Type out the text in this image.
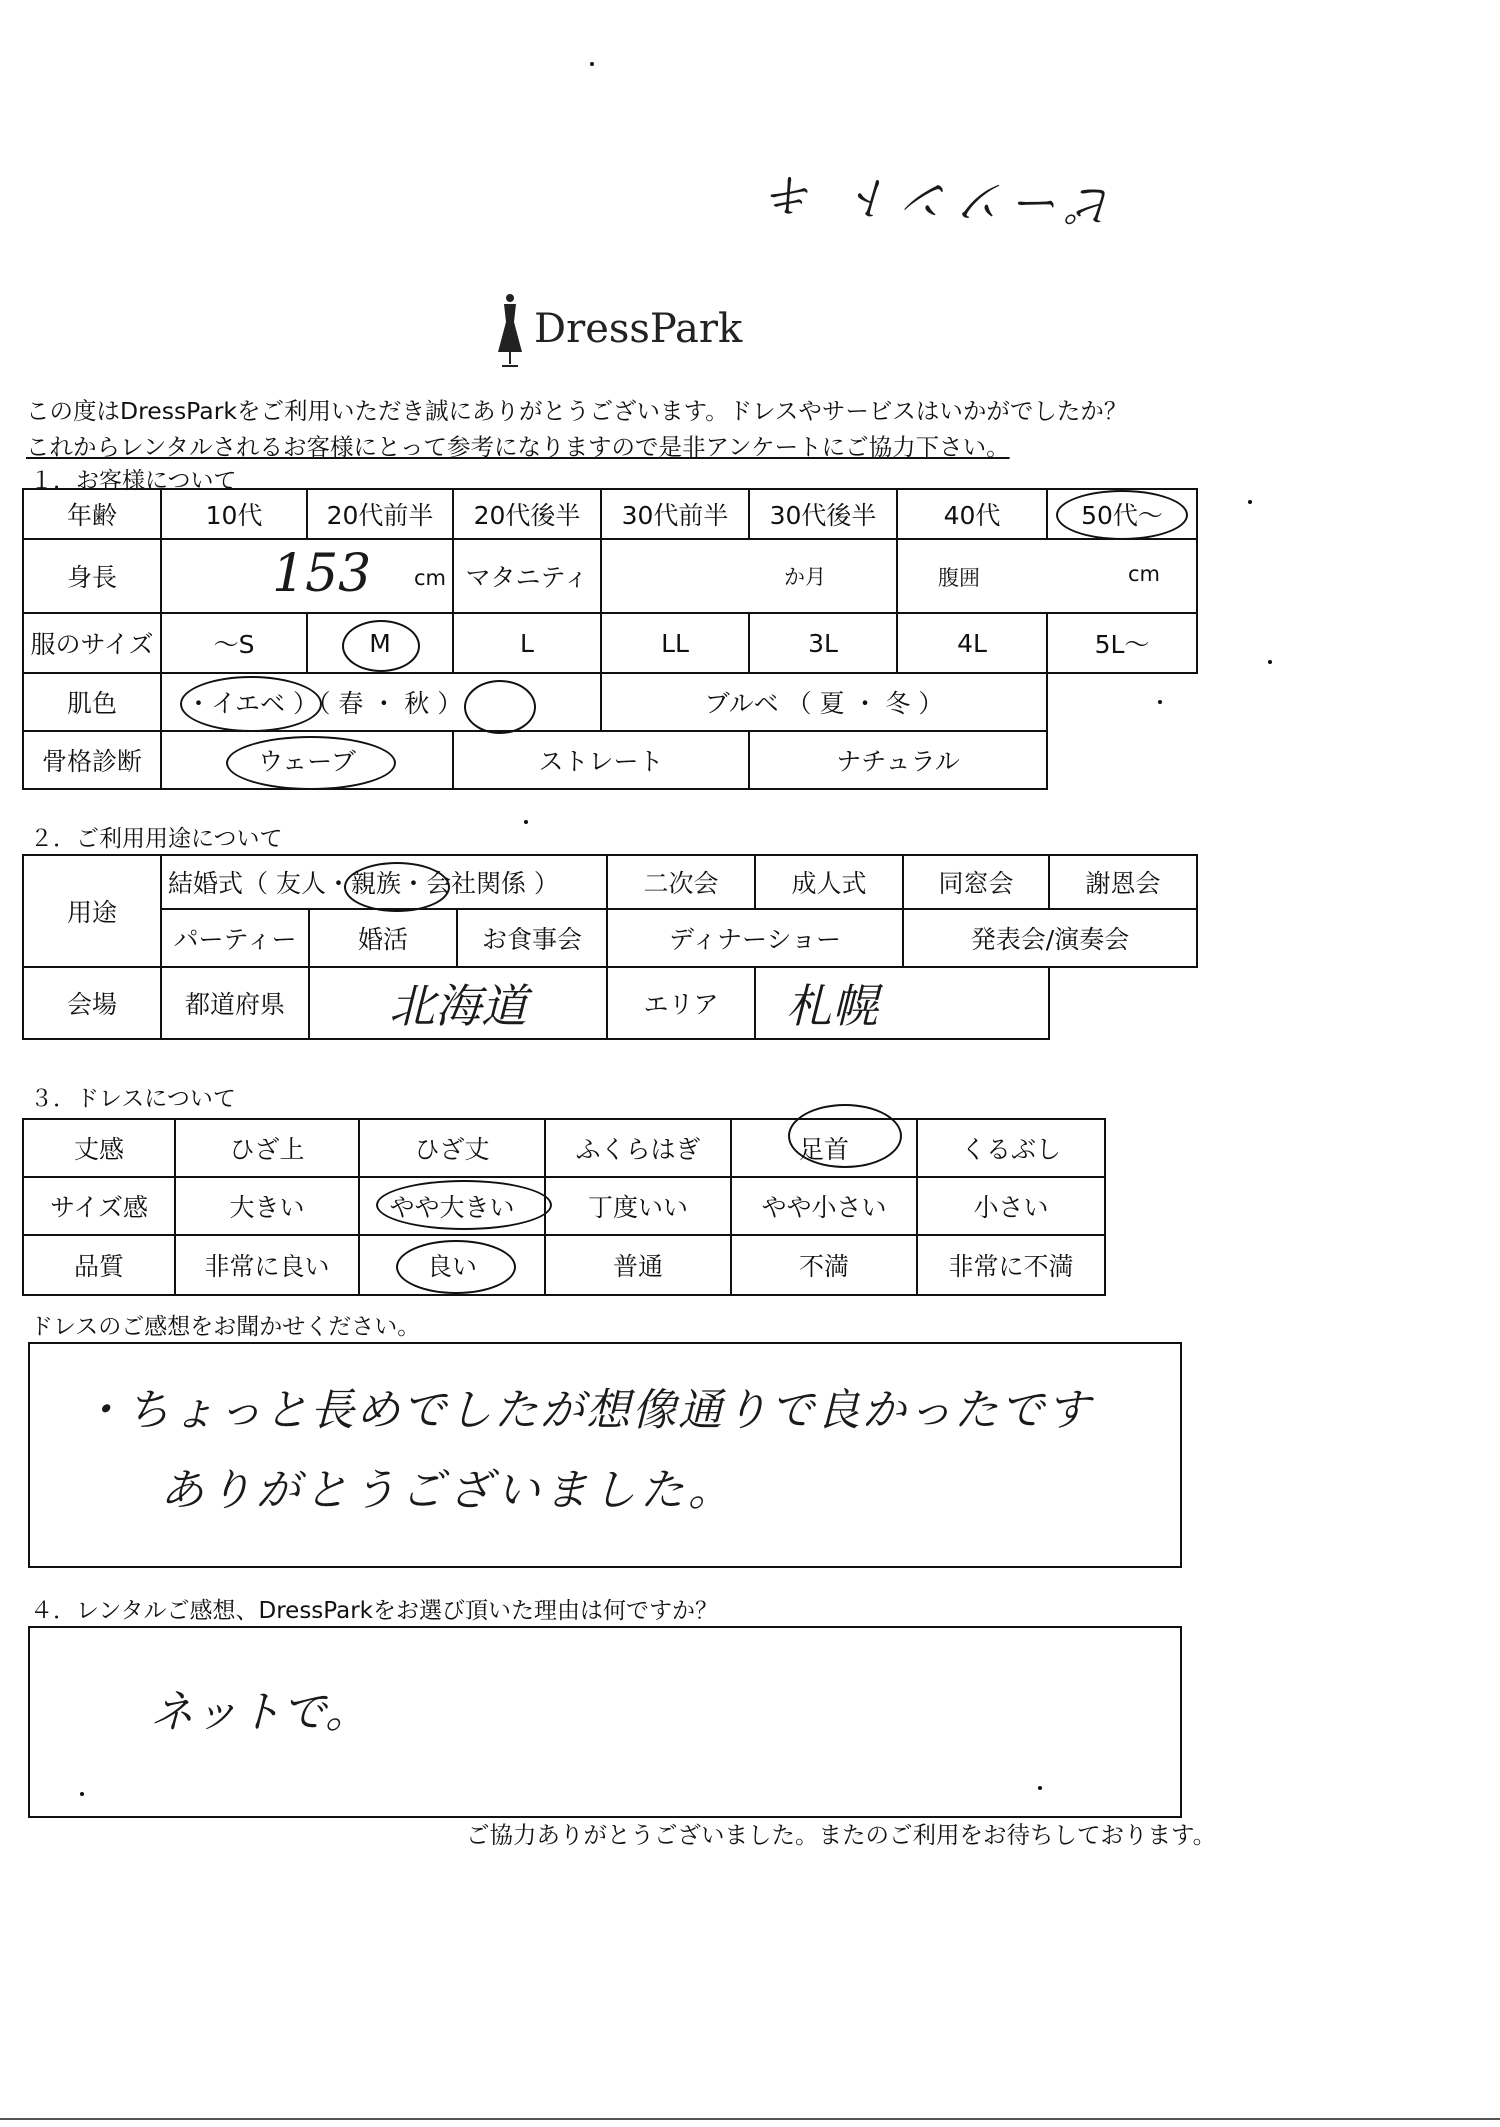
ピーソント キ
DressPark
この度はDressParkをご利用いただき誠にありがとうございます。ドレスやサービスはいかがでしたか？
これからレンタルされるお客様にとって参考になりますので是非アンケートにご協力下さい。
１．お客様について
年齢	10代	20代前半	20代後半	30代前半	30代後半	40代	50代～
身長	153 cm		マタニティ	か月		腹囲 cm	

服のサイズ	～S	M	L	LL	3L	4L	5L～
肌色	・イエベ ）（ 春 ・ 秋 ）			ブルベ （ 夏 ・ 冬 ）			
骨格診断	ウェーブ		ストレート		ナチュラル		
２．ご利用用途について
用途	結婚式（ 友人・親族・会社関係 ）			二次会	成人式	同窓会	謝恩会
	パーティー	婚活	お食事会	ディナーショー		発表会/演奏会	
会場	都道府県	北海道		エリア	札幌		
３．ドレスについて
丈感	ひざ上	ひざ丈	ふくらはぎ	足首	くるぶし
サイズ感	大きい	やや大きい	丁度いい	やや小さい	小さい
品質	非常に良い	良い	普通	不満	非常に不満
ドレスのご感想をお聞かせください。
・ちょっと長めでしたが想像通りで良かったです
ありがとうございました。
４．レンタルご感想、DressParkをお選び頂いた理由は何ですか？
ネットで。
ご協力ありがとうございました。またのご利用をお待ちしております。
